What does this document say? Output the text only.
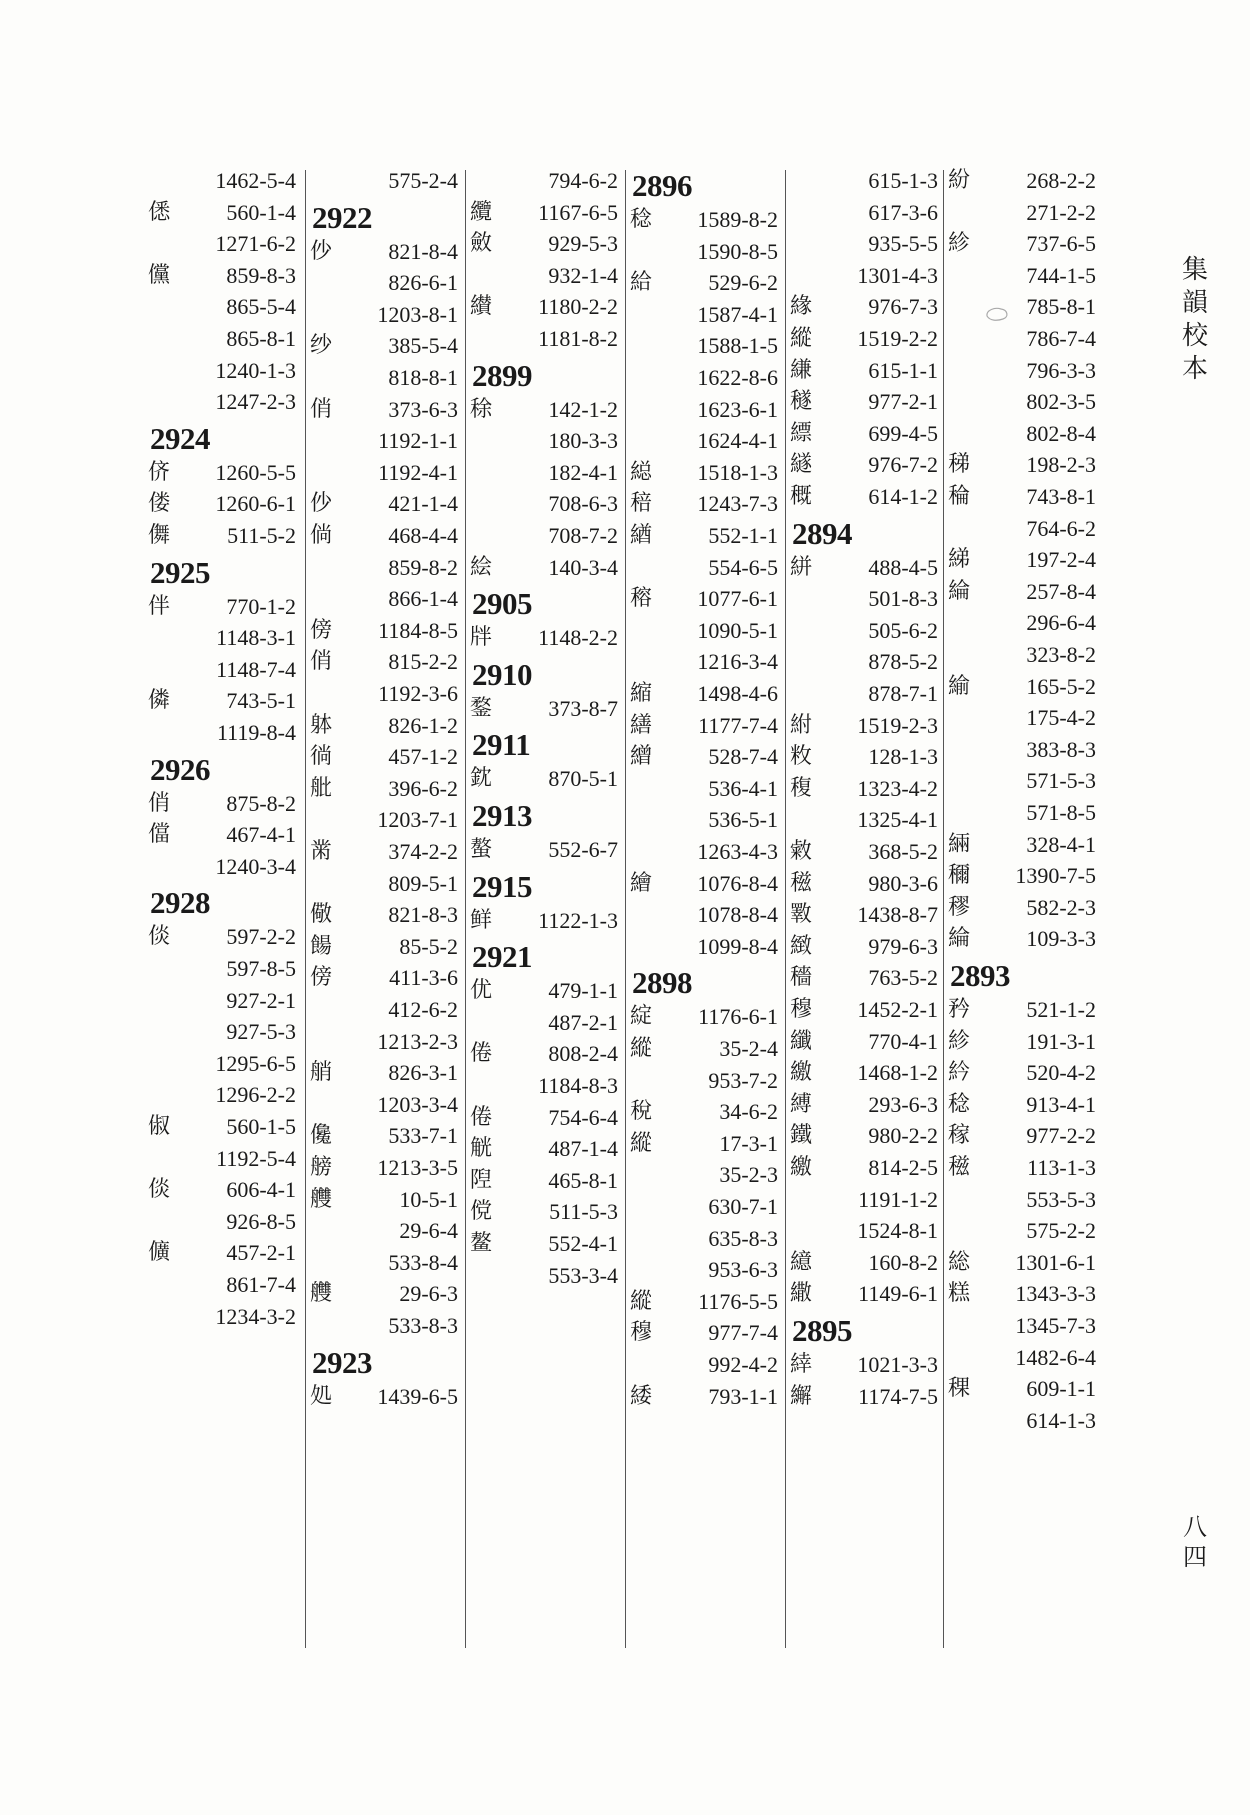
1462-5-4
僁	560-1-4
1271-6-2
儻	859-8-3
865-5-4
865-8-1
1240-1-3
1247-2-3
2924
侪 1260-5-5
偻 1260-6-1
儛	511-5-2
2925
伴	770-1-2
1148-3-1
1148-7-4
僯	743-5-1
1119-8-4
2926
俏	875-8-2
儅	467-4-1
1240-3-4
2928
倓	597-2-2
597-8-5
927-2-1
927-5-3
1295-6-5
1296-2-2
俶	560-1-5
1192-5-4
倓	606-4-1
926-8-5
儣	457-2-1
861-7-4
1234-3-2
575-2-4
2922
仯	821-8-4
826-6-1
1203-8-1
纱	385-5-4
818-8-1
俏	373-6-3
1192-1-1
1192-4-1
仯	421-1-4
倘	468-4-4
859-8-2
866-1-4
傍 1184-8-5
俏	815-2-2
1192-3-6
躰	826-1-2
徜	457-1-2
舭	396-6-2
1203-7-1
黹	374-2-2
809-5-1
儆	821-8-3
餳	85-5-2
傍	411-3-6
412-6-2
1213-2-3
艄	826-3-1
1203-3-4
儳	533-7-1
艕 1213-3-5
艭	10-5-1
29-6-4
533-8-4
艭	29-6-3
533-8-3
2923
処 1439-6-5
794-6-2
纜 1167-6-5
斂	929-5-3
932-1-4
纉 1180-2-2
1181-8-2
2899
稌	142-1-2
180-3-3
182-4-1
708-6-3
708-7-2
絵	140-3-4
2905
牉 1148-2-2
2910
鍪	373-8-7
2911
鈂	870-5-1
2913
螯	552-6-7
2915
鲜 1122-1-3
2921
优	479-1-1
487-2-1
倦	808-2-4
1184-8-3
倦	754-6-4
觥	487-1-4
隉	465-8-1
傥	511-5-3
鳌	552-4-1
553-3-4
2896
稔 1589-8-2
1590-8-5
給	529-6-2
1587-4-1
1588-1-5
1622-8-6
1623-6-1
1624-4-1
縂 1518-1-3
稖 1243-7-3
緧	552-1-1
554-6-5
穃 1077-6-1
1090-5-1
1216-3-4
縮 1498-4-6
繕 1177-7-4
繒	528-7-4
536-4-1
536-5-1
1263-4-3
繪 1076-8-4
1078-8-4
1099-8-4
2898
綻 1176-6-1
縱	35-2-4
953-7-2
稅	34-6-2
縱	17-3-1
35-2-3
630-7-1
635-8-3
953-6-3
縱 1176-5-5
穆	977-7-4
992-4-2
緌	793-1-1
615-1-3
617-3-6
935-5-5
1301-4-3
緣	976-7-3
縱 1519-2-2
縑	615-1-1
穟	977-2-1
縹	699-4-5
繸	976-7-2
穊	614-1-2
2894
絣	488-4-5
501-8-3
505-6-2
878-5-2
878-7-1
紨 1519-2-3
敉	128-1-3
稪 1323-4-2
1325-4-1
敹	368-5-2
稵	980-3-6
斁 1438-8-7
緻	979-6-3
穡	763-5-2
穆 1452-2-1
纖	770-4-1
繳 1468-1-2
縛	293-6-3
鐵	980-2-2
繳	814-2-5
1191-1-2
1524-8-1
繶	160-8-2
繖 1149-6-1
2895
緈 1021-3-3
繲 1174-7-5
紛	268-2-2
271-2-2
紾	737-6-5
744-1-5
785-8-1
786-7-4
796-3-3
802-3-5
802-8-4
稊	198-2-3
稐	743-8-1
764-6-2
綈	197-2-4
綸	257-8-4
296-6-4
323-8-2
緰	165-5-2
175-4-2
383-8-3
571-5-3
571-8-5
緉	328-4-1
穪 1390-7-5
穋	582-2-3
綸	109-3-3
2893
矜	521-1-2
紾	191-3-1
紟	520-4-2
稔	913-4-1
稼	977-2-2
稵	113-1-3
553-5-3
575-2-2
総 1301-6-1
糕 1343-3-3
1345-7-3
1482-6-4
稞	609-1-1
614-1-3
集韻校本
八四
